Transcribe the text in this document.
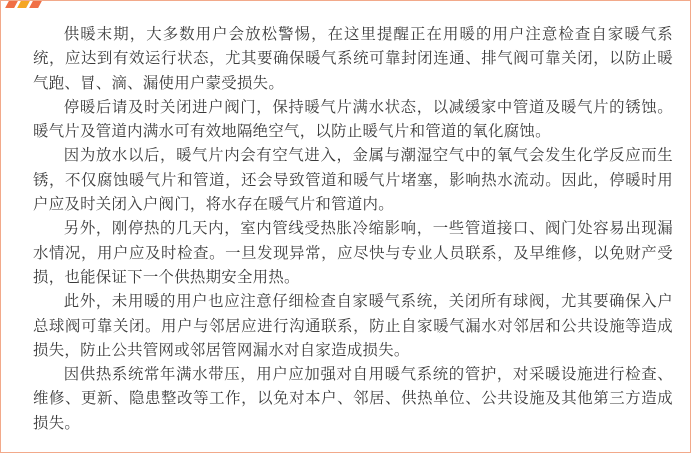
供暖末期，大多数用户会放松警惕，在这里提醒正在用暖的用户注意检查自家暖气系统，应达到有效运行状态，尤其要确保暖气系统可靠封闭连通、排气阀可靠关闭，以防止暖气跑、冒、滴、漏使用户蒙受损失。

停暖后请及时关闭进户阀门，保持暖气片满水状态，以减缓家中管道及暖气片的锈蚀。暖气片及管道内满水可有效地隔绝空气，以防止暖气片和管道的氧化腐蚀。

因为放水以后，暖气片内会有空气进入，金属与潮湿空气中的氧气会发生化学反应而生锈，不仅腐蚀暖气片和管道，还会导致管道和暖气片堵塞，影响热水流动。因此，停暖时用户应及时关闭入户阀门，将水存在暖气片和管道内。

另外，刚停热的几天内，室内管线受热胀冷缩影响，一些管道接口、阀门处容易出现漏水情况，用户应及时检查。一旦发现异常，应尽快与专业人员联系，及早维修，以免财产受损，也能保证下一个供热期安全用热。

此外，未用暖的用户也应注意仔细检查自家暖气系统，关闭所有球阀，尤其要确保入户总球阀可靠关闭。用户与邻居应进行沟通联系，防止自家暖气漏水对邻居和公共设施等造成损失，防止公共管网或邻居管网漏水对自家造成损失。

因供热系统常年满水带压，用户应加强对自用暖气系统的管护，对采暖设施进行检查、维修、更新、隐患整改等工作，以免对本户、邻居、供热单位、公共设施及其他第三方造成损失。
